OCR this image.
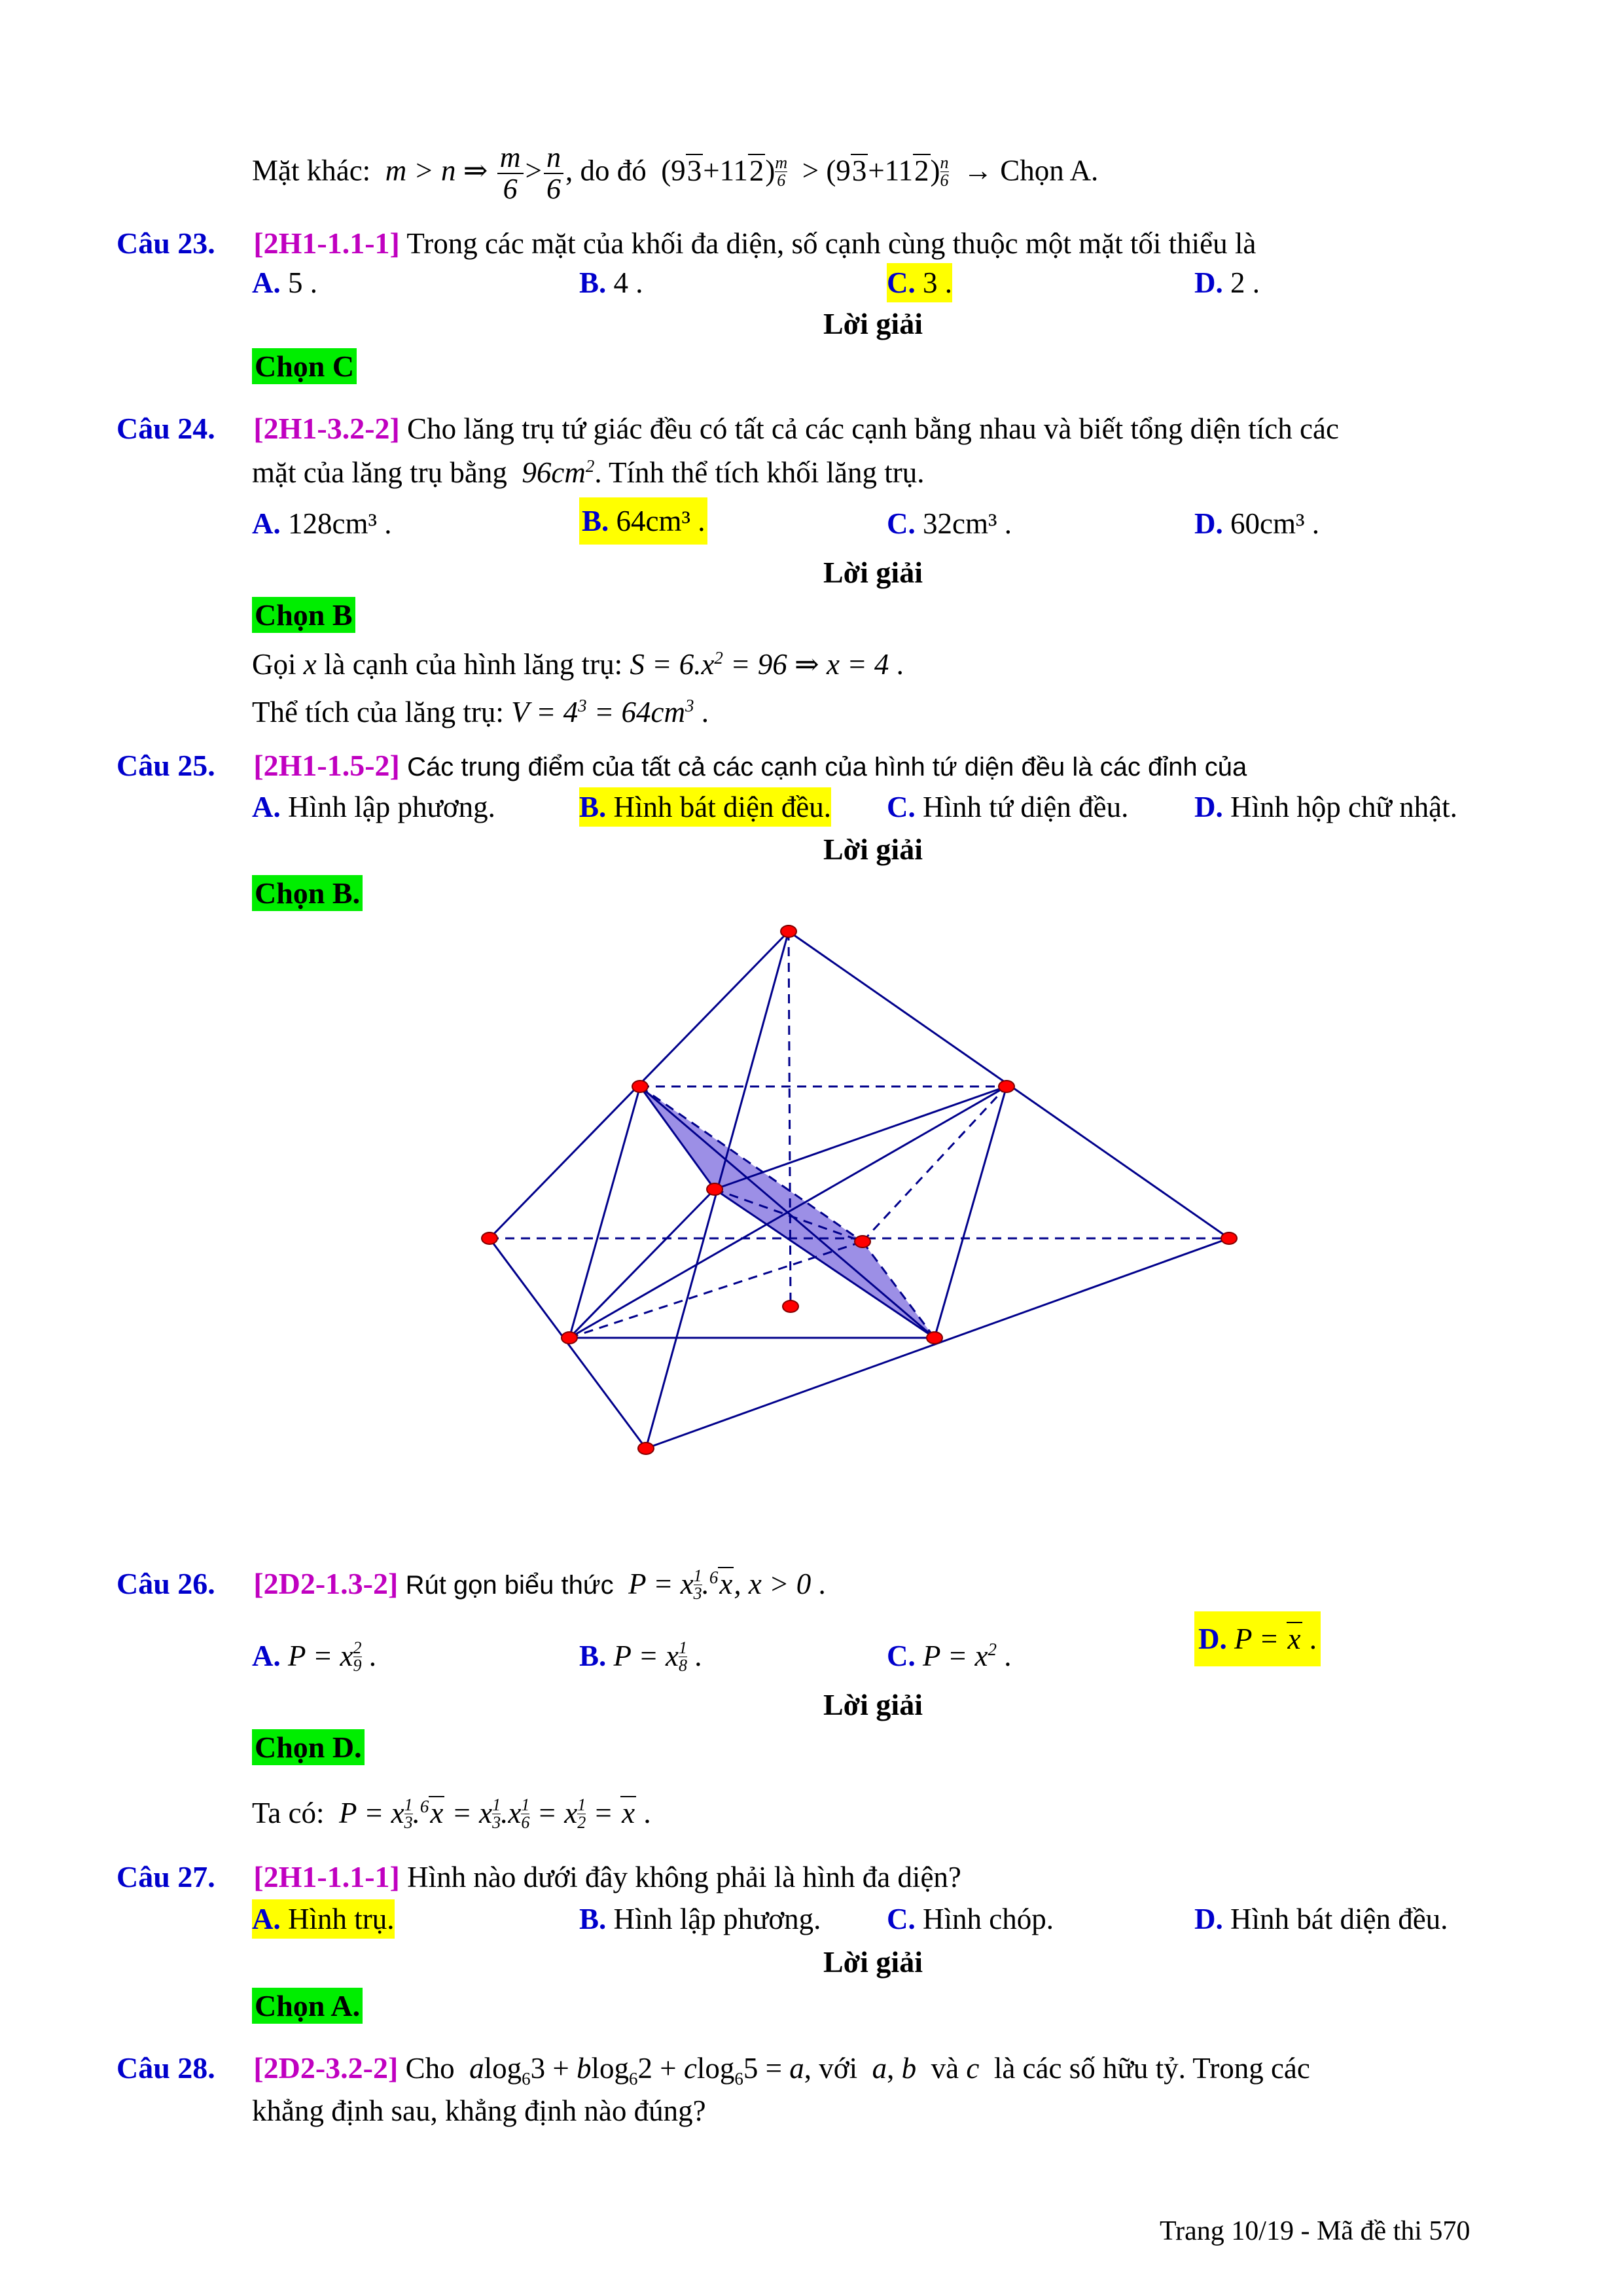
Mặt khác:  m > n ⇒ $\frac{m}{6} > \frac{n}{6}$ , do đó  $(93+112) \frac{m}{6} > (93+112) \frac{n}{6}$ → Chọn A.
Câu 23. [2H1-1.1-1] Trong các mặt của khối đa diện, số cạnh cùng thuộc một mặt tối thiểu là
A. 5 .	B. 4 .	C. 3 .	D. 2 .
Lời giải
Chọn C
Câu 24. [2H1-3.2-2] Cho lăng trụ tứ giác đều có tất cả các cạnh bằng nhau và biết tổng diện tích các
mặt của lăng trụ bằng $96cm^2$. Tính thể tích khối lăng trụ.
A. 128cm³ .	B. 64cm³ .	C. 32cm³ .	D. 60cm³ .
Lời giải
Chọn B
Gọi x là cạnh của hình lăng trụ: $S = 6.x^2 = 96$ ⇒ x = 4 .
Thể tích của lăng trụ: $V = 4^3 = 64cm^3$ .
Câu 25. [2H1-1.5-2] Các trung điểm của tất cả các cạnh của hình tứ diện đều là các đỉnh của
A. Hình lập phương.	B. Hình bát diện đều. C. Hình tứ diện đều. D. Hình hộp chữ nhật.
Lời giải
Chọn B.
Câu 26. [2D2-1.3-2] Rút gọn biểu thức  P = x $\frac{1}{3} .^6x$, x > 0 .
A. P = x $\frac{2}{9}$ .	B. P = x $\frac{1}{8}$ .	C. $P = x^2$ .
D. P = x .
Lời giải
Chọn D.
Ta có:  P = x $\frac{1}{3} .^6x = x \frac{1}{3} .x \frac{1}{6} = x \frac{1}{2} = x$ .
Câu 27. [2H1-1.1-1] Hình nào dưới đây không phải là hình đa diện?
A. Hình trụ.	B. Hình lập phương. C. Hình chóp.	D. Hình bát diện đều.
Lời giải
Chọn A.
Câu 28. [2D2-3.2-2] Cho  alog$_6$3 + blog$_6$2 + clog$_6$5 = a, với  a, b và c là các số hữu tỷ. Trong các
khẳng định sau, khẳng định nào đúng?
Trang 10/19 - Mã đề thi 570
